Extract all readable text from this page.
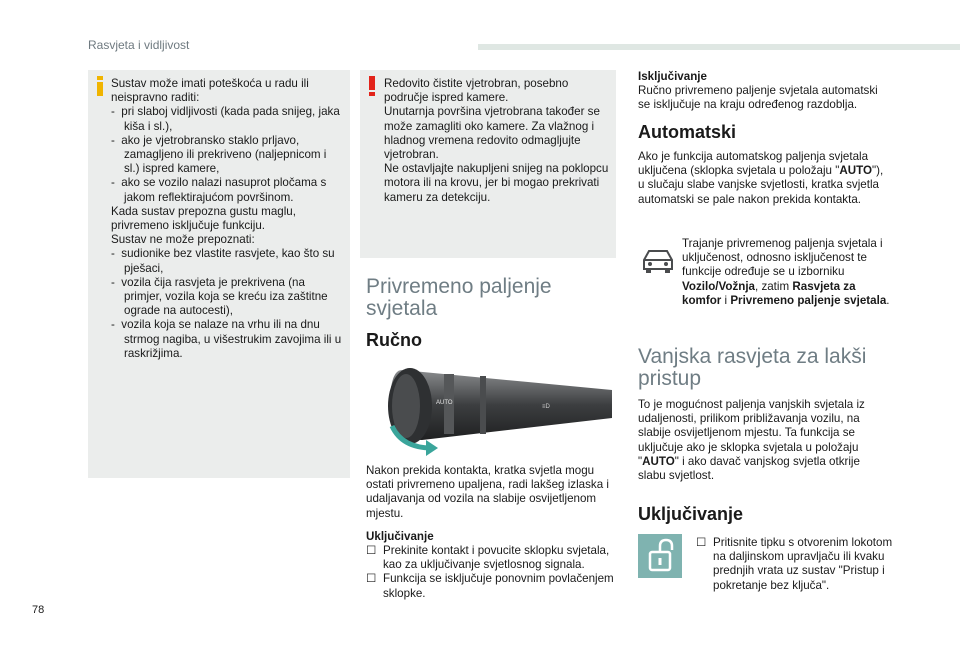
Rasvjeta i vidljivost
78
Sustav može imati poteškoća u radu ili neispravno raditi:
-  pri slaboj vidljivosti (kada pada snijeg, jaka kiša i sl.),
-  ako je vjetrobransko staklo prljavo, zamagljeno ili prekriveno (naljepnicom i sl.) ispred kamere,
-  ako se vozilo nalazi nasuprot pločama s jakom reflektirajućom površinom.
Kada sustav prepozna gustu maglu, privremeno isključuje funkciju.
Sustav ne može prepoznati:
-  sudionike bez vlastite rasvjete, kao što su pješaci,
-  vozila čija rasvjeta je prekrivena (na primjer, vozila koja se kreću iza zaštitne ograde na autocesti),
-  vozila koja se nalaze na vrhu ili na dnu strmog nagiba, u višestrukim zavojima ili u raskrižjima.
Redovito čistite vjetrobran, posebno područje ispred kamere.
Unutarnja površina vjetrobrana također se može zamagliti oko kamere. Za vlažnog i hladnog vremena redovito odmagljujte vjetrobran.
Ne ostavljajte nakupljeni snijeg na poklopcu motora ili na krovu, jer bi mogao prekrivati kameru za detekciju.
Privremeno paljenje svjetala
Ručno
AUTO
≡D
Nakon prekida kontakta, kratka svjetla mogu ostati privremeno upaljena, radi lakšeg izlaska i udaljavanja od vozila na slabije osvijetljenom mjestu.
Uključivanje
☐ Prekinite kontakt i povucite sklopku svjetala, kao za uključivanje svjetlosnog signala.
☐ Funkcija se isključuje ponovnim povlačenjem sklopke.
Isključivanje
Ručno privremeno paljenje svjetala automatski se isključuje na kraju određenog razdoblja.
Automatski
Ako je funkcija automatskog paljenja svjetala uključena (sklopka svjetala u položaju "AUTO"), u slučaju slabe vanjske svjetlosti, kratka svjetla automatski se pale nakon prekida kontakta.
Trajanje privremenog paljenja svjetala i uključenost, odnosno isključenost te funkcije određuje se u izborniku Vozilo/Vožnja, zatim Rasvjeta za komfor i Privremeno paljenje svjetala.
Vanjska rasvjeta za lakši pristup
To je mogućnost paljenja vanjskih svjetala iz udaljenosti, prilikom približavanja vozilu, na slabije osvijetljenom mjestu. Ta funkcija se uključuje ako je sklopka svjetala u položaju "AUTO" i ako davač vanjskog svjetla otkrije slabu svjetlost.
Uključivanje
☐ Pritisnite tipku s otvorenim lokotom na daljinskom upravljaču ili kvaku prednjih vrata uz sustav "Pristup i pokretanje bez ključa".
